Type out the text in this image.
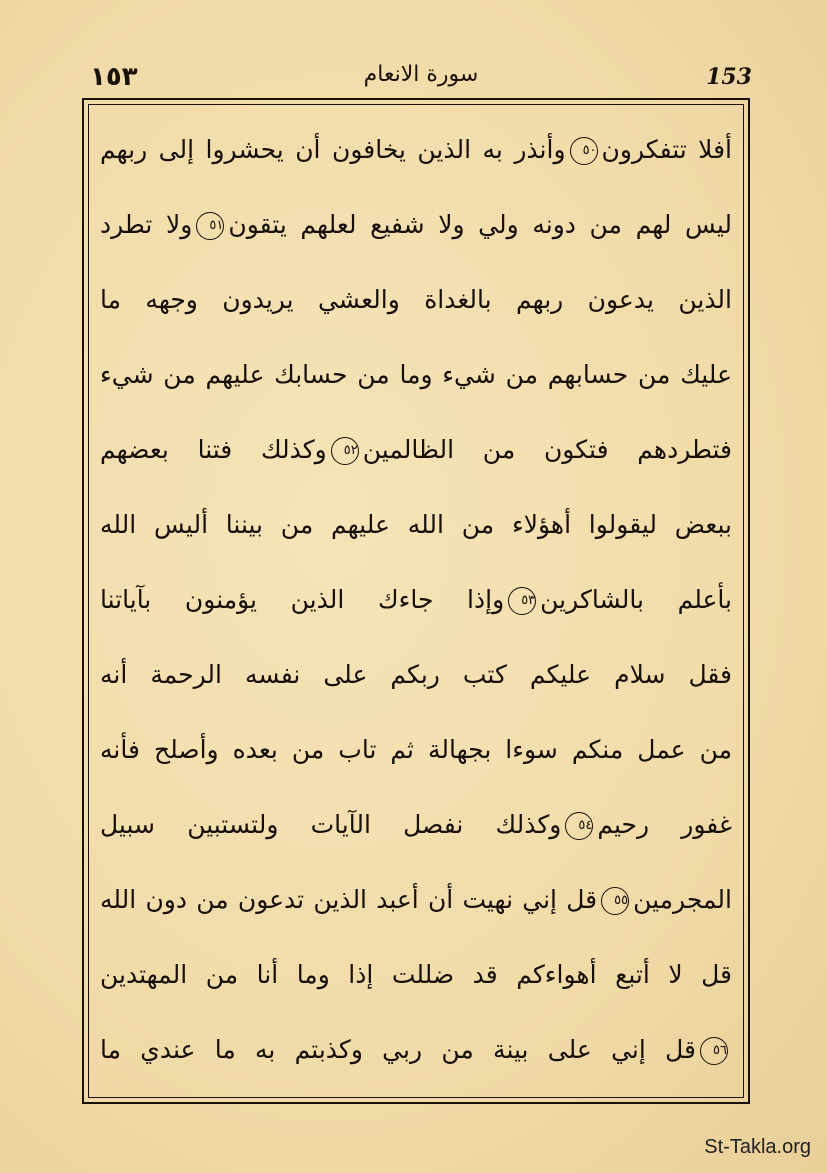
١٥٣	سورة الانعام	153
أفلا تتفكرون٥٠وأنذر به الذين يخافون أن يحشروا إلى ربهم
ليس لهم من دونه ولي ولا شفيع لعلهم يتقون٥١ولا تطرد
الذين يدعون ربهم بالغداة والعشي يريدون وجهه ما
عليك من حسابهم من شيء وما من حسابك عليهم من شيء
فتطردهم فتكون من الظالمين٥٢وكذلك فتنا بعضهم
ببعض ليقولوا أهؤلاء من الله عليهم من بيننا أليس الله
بأعلم بالشاكرين٥٣وإذا جاءك الذين يؤمنون بآياتنا
فقل سلام عليكم كتب ربكم على نفسه الرحمة أنه
من عمل منكم سوءا بجهالة ثم تاب من بعده وأصلح فأنه
غفور رحيم٥٤وكذلك نفصل الآيات ولتستبين سبيل
المجرمين٥٥قل إني نهيت أن أعبد الذين تدعون من دون الله
قل لا أتبع أهواءكم قد ضللت إذا وما أنا من المهتدين
٥٦قل إني على بينة من ربي وكذبتم به ما عندي ما
St-Takla.org
